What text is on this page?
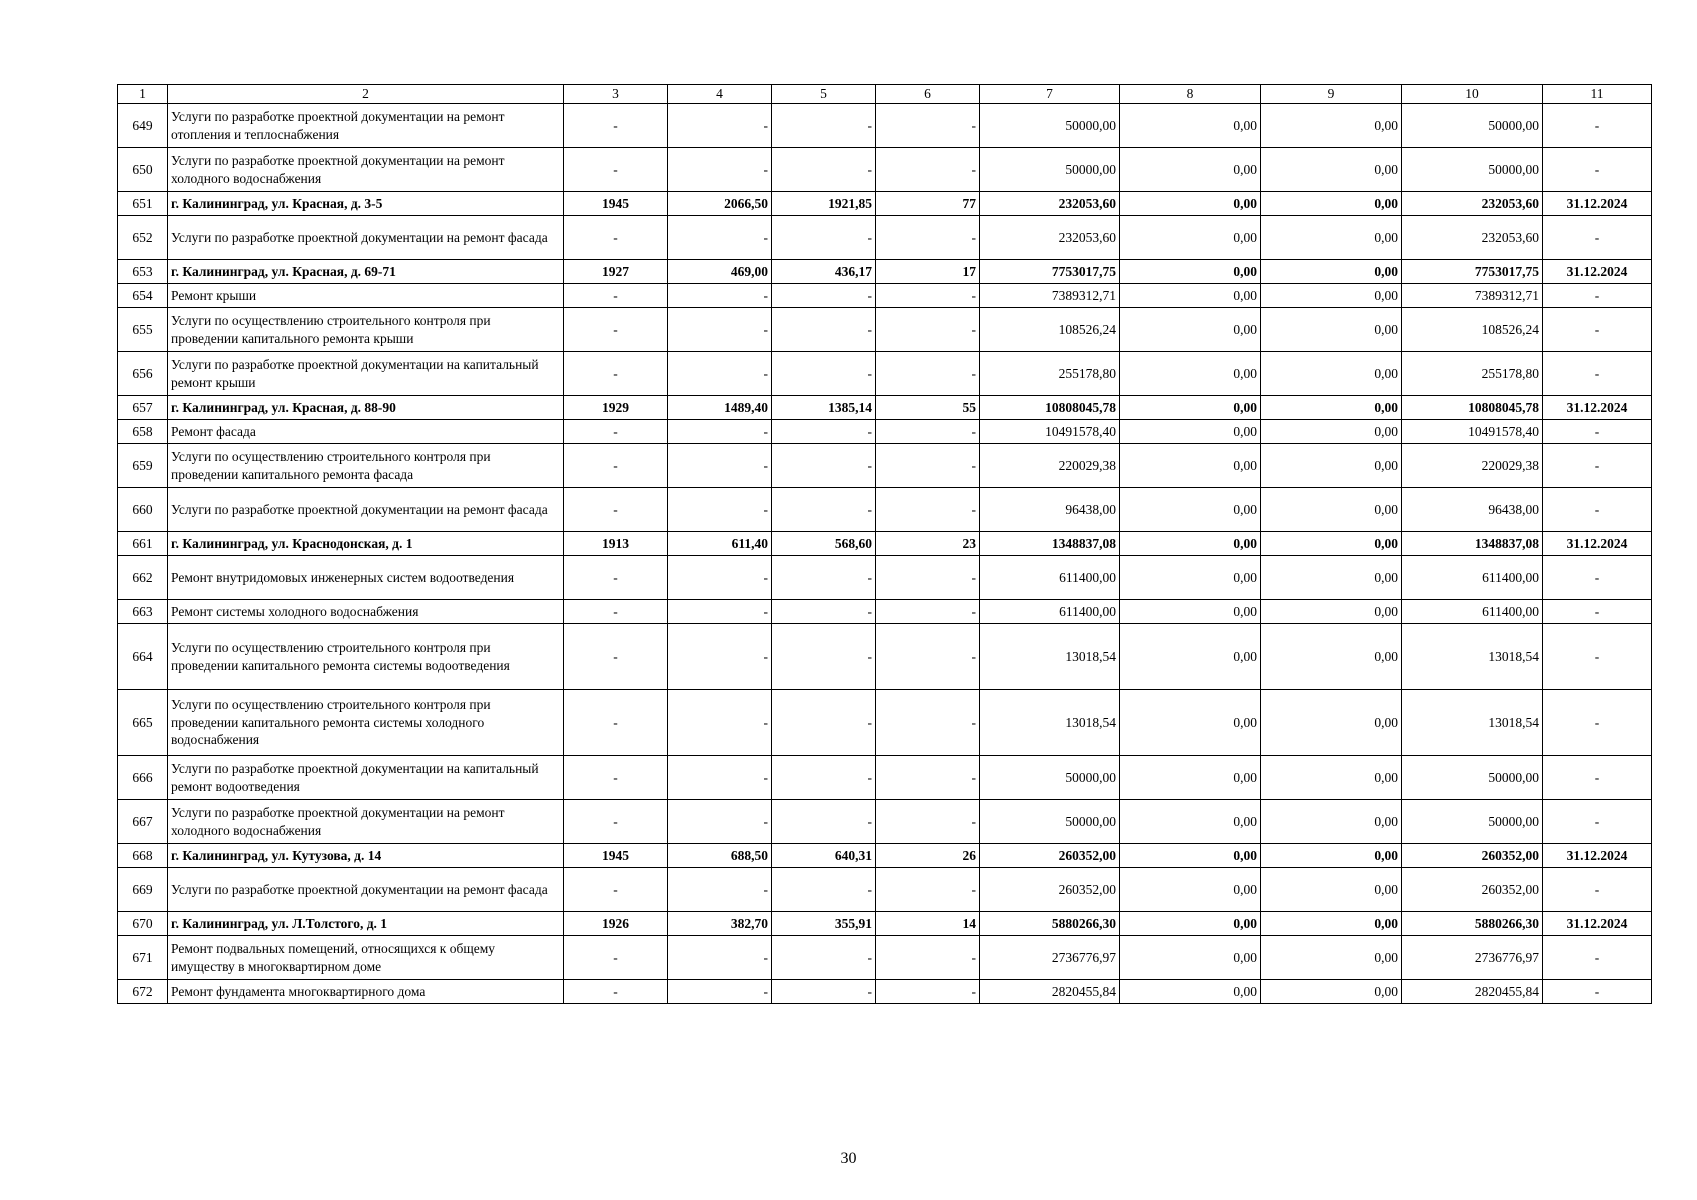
1	2	3	4	5	6	7	8	9	10	11
649	Услуги по разработке проектной документации на ремонт отопления и теплоснабжения	-	-	-	-	50000,00	0,00	0,00	50000,00	-
650	Услуги по разработке проектной документации на ремонт холодного водоснабжения	-	-	-	-	50000,00	0,00	0,00	50000,00	-
651	г. Калининград, ул. Красная, д. 3-5	1945	2066,50	1921,85	77	232053,60	0,00	0,00	232053,60	31.12.2024
652	Услуги по разработке проектной документации на ремонт фасада	-	-	-	-	232053,60	0,00	0,00	232053,60	-
653	г. Калининград, ул. Красная, д. 69-71	1927	469,00	436,17	17	7753017,75	0,00	0,00	7753017,75	31.12.2024
654	Ремонт крыши	-	-	-	-	7389312,71	0,00	0,00	7389312,71	-
655	Услуги по осуществлению строительного контроля при проведении капитального ремонта крыши	-	-	-	-	108526,24	0,00	0,00	108526,24	-
656	Услуги по разработке проектной документации на капитальный ремонт крыши	-	-	-	-	255178,80	0,00	0,00	255178,80	-
657	г. Калининград, ул. Красная, д. 88-90	1929	1489,40	1385,14	55	10808045,78	0,00	0,00	10808045,78	31.12.2024
658	Ремонт фасада	-	-	-	-	10491578,40	0,00	0,00	10491578,40	-
659	Услуги по осуществлению строительного контроля при проведении капитального ремонта фасада	-	-	-	-	220029,38	0,00	0,00	220029,38	-
660	Услуги по разработке проектной документации на ремонт фасада	-	-	-	-	96438,00	0,00	0,00	96438,00	-
661	г. Калининград, ул. Краснодонская, д. 1	1913	611,40	568,60	23	1348837,08	0,00	0,00	1348837,08	31.12.2024
662	Ремонт внутридомовых инженерных систем водоотведения	-	-	-	-	611400,00	0,00	0,00	611400,00	-
663	Ремонт системы холодного водоснабжения	-	-	-	-	611400,00	0,00	0,00	611400,00	-
664	Услуги по осуществлению строительного контроля при проведении капитального ремонта системы водоотведения	-	-	-	-	13018,54	0,00	0,00	13018,54	-
665	Услуги по осуществлению строительного контроля при проведении капитального ремонта системы холодного водоснабжения	-	-	-	-	13018,54	0,00	0,00	13018,54	-
666	Услуги по разработке проектной документации на капитальный ремонт водоотведения	-	-	-	-	50000,00	0,00	0,00	50000,00	-
667	Услуги по разработке проектной документации на ремонт холодного водоснабжения	-	-	-	-	50000,00	0,00	0,00	50000,00	-
668	г. Калининград, ул. Кутузова, д. 14	1945	688,50	640,31	26	260352,00	0,00	0,00	260352,00	31.12.2024
669	Услуги по разработке проектной документации на ремонт фасада	-	-	-	-	260352,00	0,00	0,00	260352,00	-
670	г. Калининград, ул. Л.Толстого, д. 1	1926	382,70	355,91	14	5880266,30	0,00	0,00	5880266,30	31.12.2024
671	Ремонт подвальных помещений, относящихся к общему имуществу в многоквартирном доме	-	-	-	-	2736776,97	0,00	0,00	2736776,97	-
672	Ремонт фундамента многоквартирного дома	-	-	-	-	2820455,84	0,00	0,00	2820455,84	-
30
